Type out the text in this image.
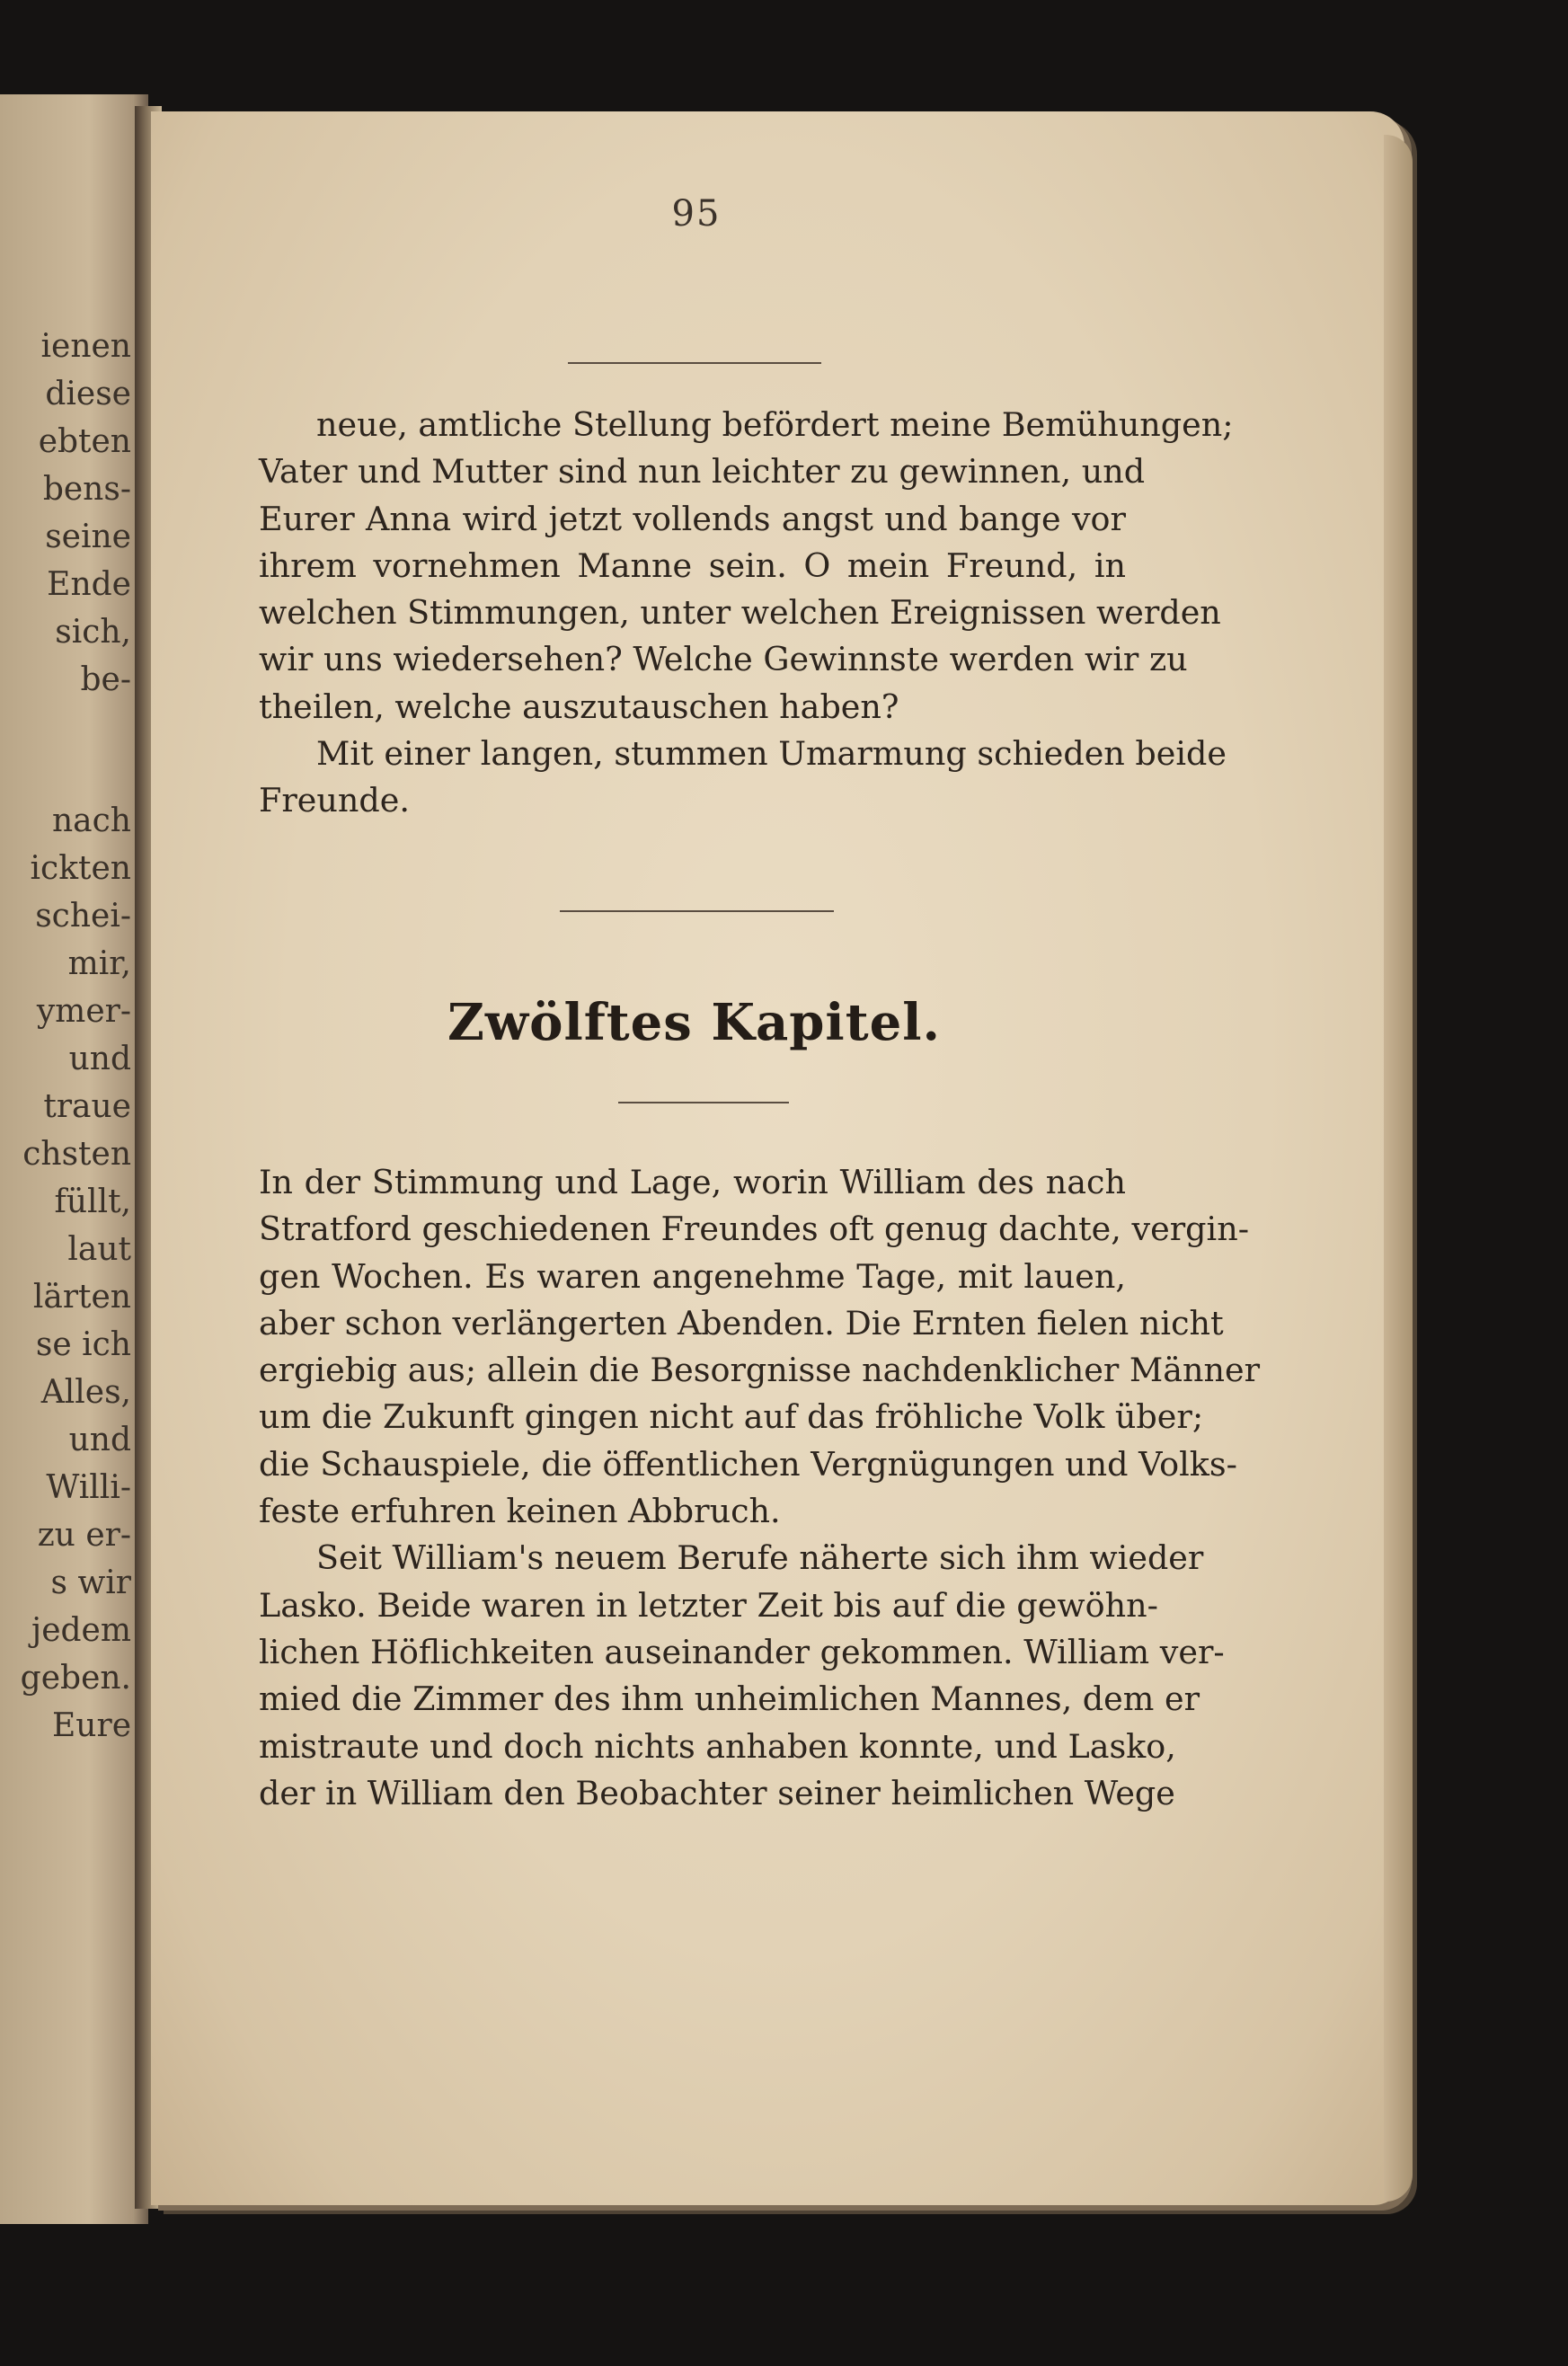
ienen
diese
ebten
bens-
seine
Ende
sich,
be-
nach
ickten
schei-
mir,
ymer-
und
traue
chsten
füllt,
laut
lärten
se ich
Alles,
und
Willi-
zu er-
s wir
jedem
geben.
Eure
95
neue, amtliche Stellung befördert meine Bemühungen;
Vater und Mutter sind nun leichter zu gewinnen, und
Eurer Anna wird jetzt vollends angst und bange vor
ihrem vornehmen Manne sein. O mein Freund, in
welchen Stimmungen, unter welchen Ereignissen werden
wir uns wiedersehen? Welche Gewinnste werden wir zu
theilen, welche auszutauschen haben?
Mit einer langen, stummen Umarmung schieden beide
Freunde.
Zwölftes Kapitel.
In der Stimmung und Lage, worin William des nach
Stratford geschiedenen Freundes oft genug dachte, vergin-
gen Wochen. Es waren angenehme Tage, mit lauen,
aber schon verlängerten Abenden. Die Ernten fielen nicht
ergiebig aus; allein die Besorgnisse nachdenklicher Männer
um die Zukunft gingen nicht auf das fröhliche Volk über;
die Schauspiele, die öffentlichen Vergnügungen und Volks-
feste erfuhren keinen Abbruch.
Seit William's neuem Berufe näherte sich ihm wieder
Lasko. Beide waren in letzter Zeit bis auf die gewöhn-
lichen Höflichkeiten auseinander gekommen. William ver-
mied die Zimmer des ihm unheimlichen Mannes, dem er
mistraute und doch nichts anhaben konnte, und Lasko,
der in William den Beobachter seiner heimlichen Wege
